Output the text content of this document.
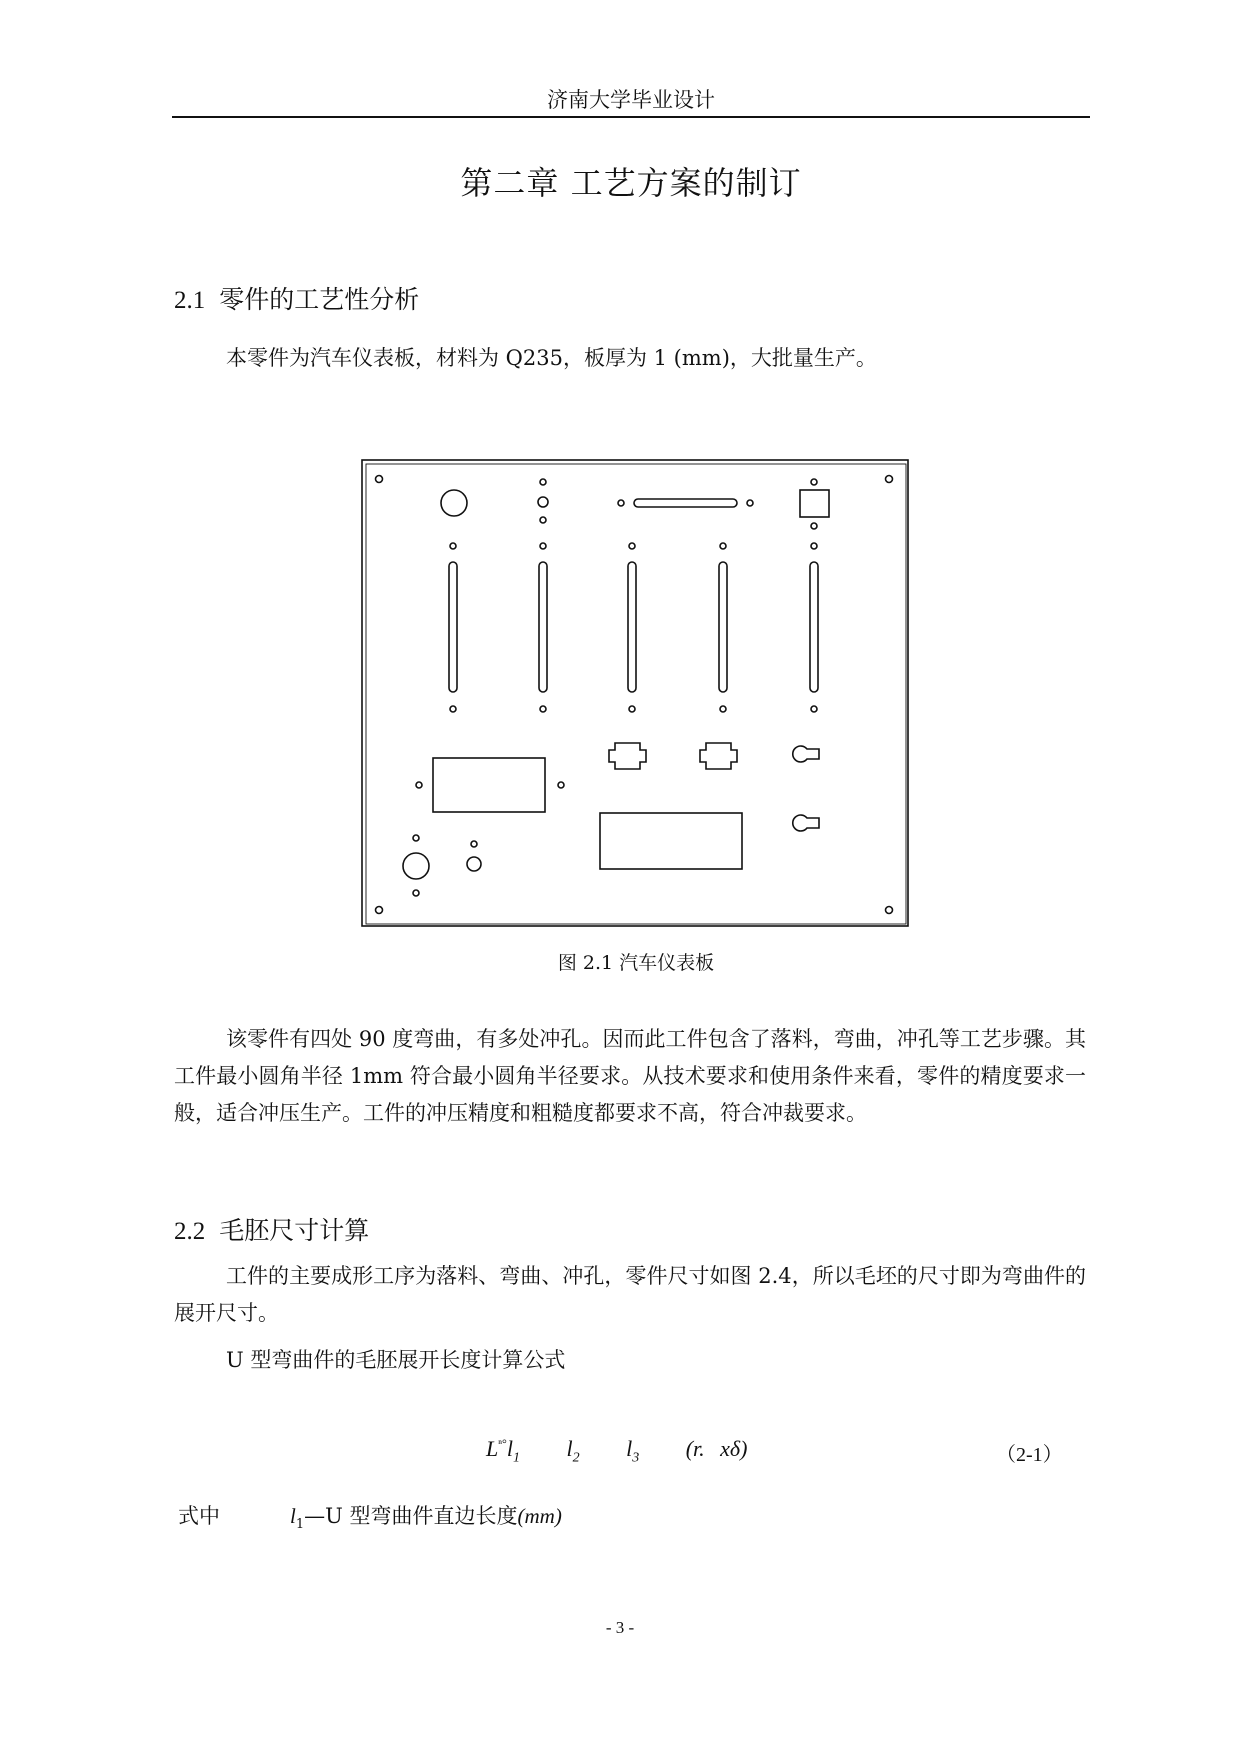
济南大学毕业设计
第二章 工艺方案的制订
2.1 零件的工艺性分析
本零件为汽车仪表板，材料为 Q235，板厚为 1 (mm)，大批量生产。
图 2.1 汽车仪表板
该零件有四处 90 度弯曲，有多处冲孔。因而此工件包含了落料，弯曲，冲孔等工艺步骤。其工件最小圆角半径 1mm 符合最小圆角半径要求。从技术要求和使用条件来看，零件的精度要求一般，适合冲压生产。工件的冲压精度和粗糙度都要求不高，符合冲裁要求。
2.2 毛胚尺寸计算
工件的主要成形工序为落料、弯曲、冲孔，零件尺寸如图 2.4，所以毛坯的尺寸即为弯曲件的展开尺寸。
U 型弯曲件的毛胚展开长度计算公式
$L^{^n^\circ}l_1$ $l_2$ $l_3$ (r. xδ)	（2-1）
式中	$l_1—U$ 型弯曲件直边长度(mm)
- 3 -
